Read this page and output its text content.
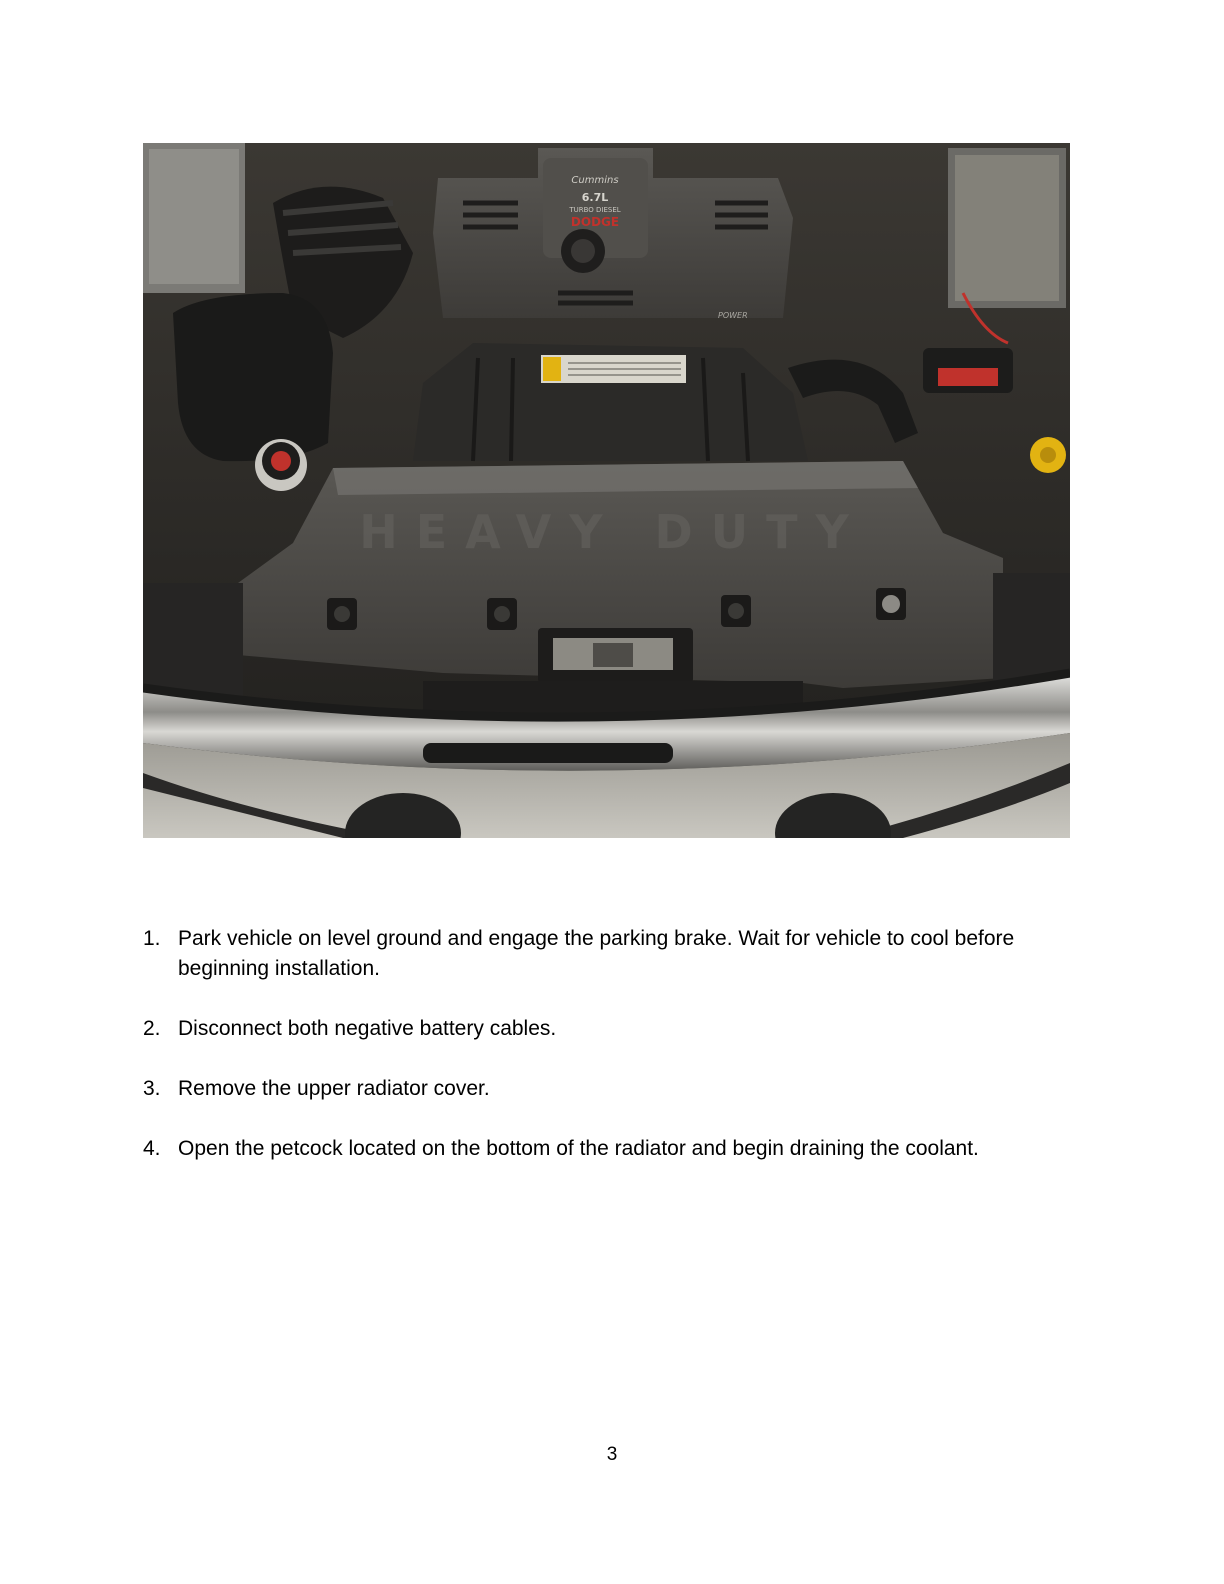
Cummins
6.7L
TURBO DIESEL
DODGE
POWER
HEAVY DUTY
1. Park vehicle on level ground and engage the parking brake. Wait for vehicle to cool before beginning installation.
2. Disconnect both negative battery cables.
3. Remove the upper radiator cover.
4. Open the petcock located on the bottom of the radiator and begin draining the coolant.
3
